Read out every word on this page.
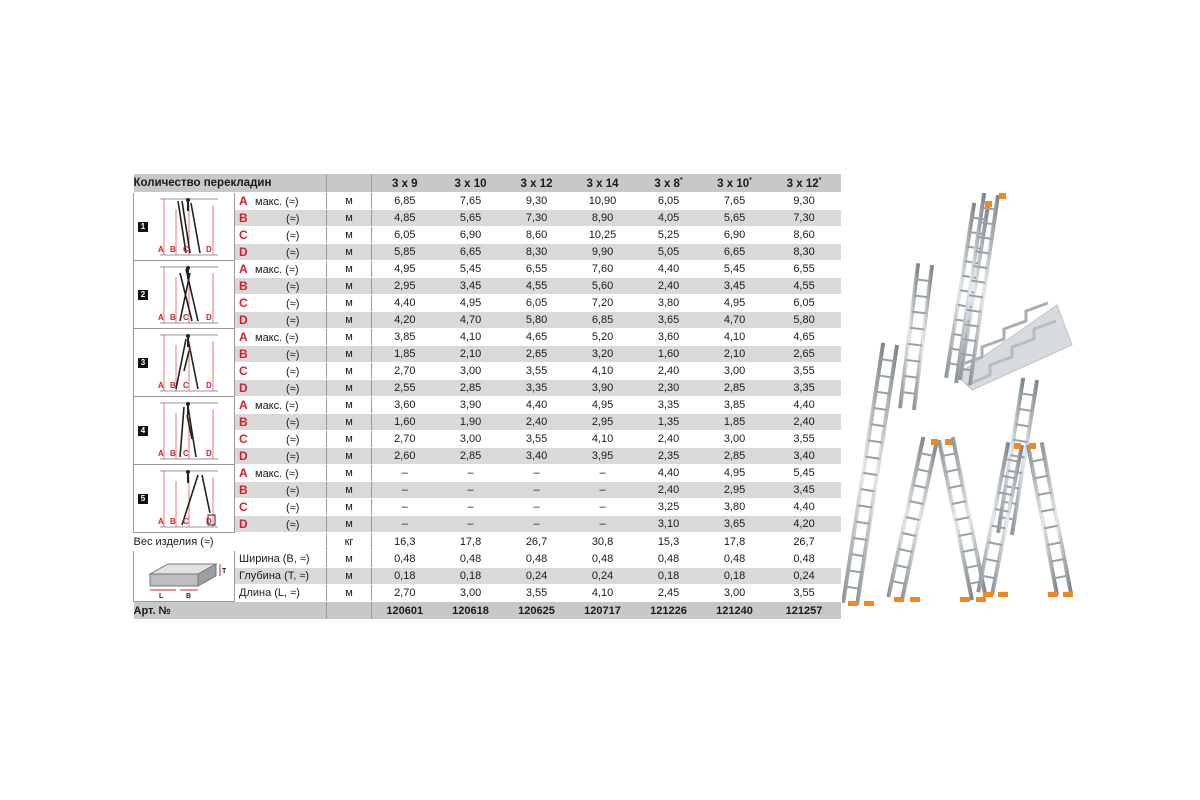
Количество перекладин			3 x 9	3 x 10	3 x 12	3 x 14	3 x 8*	3 x 10*	3 x 12*

1
A B C D	A макс. (≈)	м	6,85	7,65	9,30	10,90	6,05	7,65	9,30
	B (≈)	м	4,85	5,65	7,30	8,90	4,05	5,65	7,30
	C (≈)	м	6,05	6,90	8,60	10,25	5,25	6,90	8,60
	D (≈)	м	5,85	6,65	8,30	9,90	5,05	6,65	8,30

2
A B C D	A макс. (≈)	м	4,95	5,45	6,55	7,60	4,40	5,45	6,55
	B (≈)	м	2,95	3,45	4,55	5,60	2,40	3,45	4,55
	C (≈)	м	4,40	4,95	6,05	7,20	3,80	4,95	6,05
	D (≈)	м	4,20	4,70	5,80	6,85	3,65	4,70	5,80

3
A B C D	A макс. (≈)	м	3,85	4,10	4,65	5,20	3,60	4,10	4,65
	B (≈)	м	1,85	2,10	2,65	3,20	1,60	2,10	2,65
	C (≈)	м	2,70	3,00	3,55	4,10	2,40	3,00	3,55
	D (≈)	м	2,55	2,85	3,35	3,90	2,30	2,85	3,35

4
A B C D	A макс. (≈)	м	3,60	3,90	4,40	4,95	3,35	3,85	4,40
	B (≈)	м	1,60	1,90	2,40	2,95	1,35	1,85	2,40
	C (≈)	м	2,70	3,00	3,55	4,10	2,40	3,00	3,55
	D (≈)	м	2,60	2,85	3,40	3,95	2,35	2,85	3,40

5
A B C D	A макс. (≈)	м	–	–	–	–	4,40	4,95	5,45
	B (≈)	м	–	–	–	–	2,40	2,95	3,45
	C (≈)	м	–	–	–	–	3,25	3,80	4,40
	D (≈)	м	–	–	–	–	3,10	3,65	4,20
Вес изделия (≈)		кг	16,3	17,8	26,7	30,8	15,3	17,8	26,7

T
L B	Ширина (B, ≈)	м	0,48	0,48	0,48	0,48	0,48	0,48	0,48
	Глубина (T, ≈)	м	0,18	0,18	0,24	0,24	0,18	0,18	0,24
	Длина (L, ≈)	м	2,70	3,00	3,55	4,10	2,45	3,00	3,55
Арт. №			120601	120618	120625	120717	121226	121240	121257
